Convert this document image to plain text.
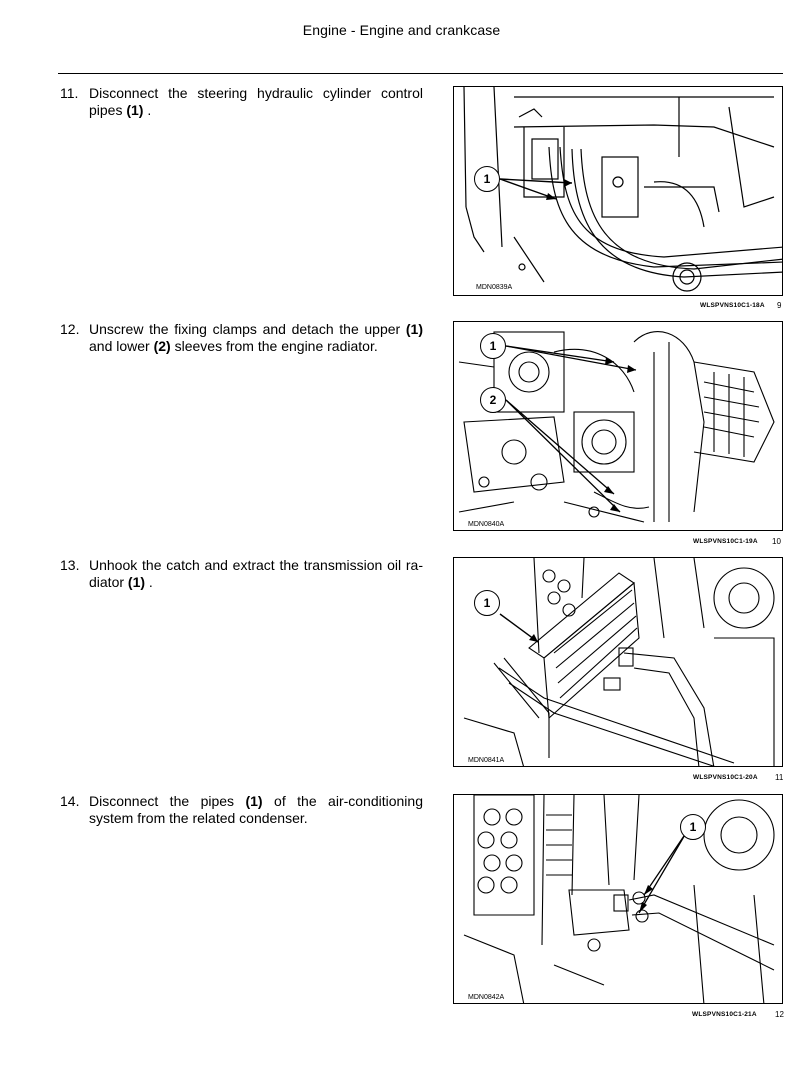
Engine - Engine and crankcase
11. Disconnect the steering hydraulic cylinder control pipes (1) .
1
MDN0839A
WLSPVNS10C1-18A 9
12. Unscrew the fixing clamps and detach the upper (1) and lower (2) sleeves from the engine radiator.	1
2
MDN0840A
WLSPVNS10C1-19A 10
13. Unhook the catch and extract the transmission oil radiator (1) .
1
MDN0841A
WLSPVNS10C1-20A 11
14. Disconnect the pipes (1) of the air-conditioning system from the related condenser.
1
MDN0842A
WLSPVNS10C1-21A 12
